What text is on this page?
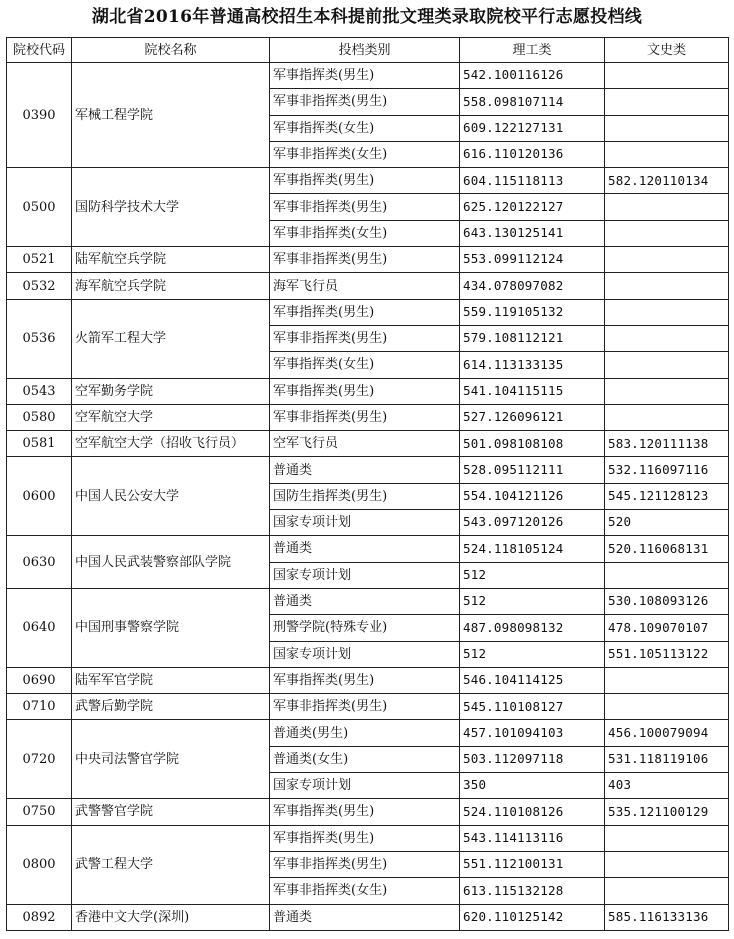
湖北省2016年普通高校招生本科提前批文理类录取院校平行志愿投档线
院校代码	院校名称	投档类别	理工类	文史类
0390	军械工程学院	军事指挥类(男生)	542.100116126	
		军事非指挥类(男生)	558.098107114	
		军事指挥类(女生)	609.122127131	
		军事非指挥类(女生)	616.110120136	
0500	国防科学技术大学	军事指挥类(男生)	604.115118113	582.120110134
		军事非指挥类(男生)	625.120122127	
		军事非指挥类(女生)	643.130125141	
0521	陆军航空兵学院	军事非指挥类(男生)	553.099112124	
0532	海军航空兵学院	海军飞行员	434.078097082	
0536	火箭军工程大学	军事指挥类(男生)	559.119105132	
		军事非指挥类(男生)	579.108112121	
		军事指挥类(女生)	614.113133135	
0543	空军勤务学院	军事指挥类(男生)	541.104115115	
0580	空军航空大学	军事非指挥类(男生)	527.126096121	
0581	空军航空大学（招收飞行员）	空军飞行员	501.098108108	583.120111138
0600	中国人民公安大学	普通类	528.095112111	532.116097116
		国防生指挥类(男生)	554.104121126	545.121128123
		国家专项计划	543.097120126	520
0630	中国人民武装警察部队学院	普通类	524.118105124	520.116068131
		国家专项计划	512	
0640	中国刑事警察学院	普通类	512	530.108093126
		刑警学院(特殊专业)	487.098098132	478.109070107
		国家专项计划	512	551.105113122
0690	陆军军官学院	军事指挥类(男生)	546.104114125	
0710	武警后勤学院	军事非指挥类(男生)	545.110108127	
0720	中央司法警官学院	普通类(男生)	457.101094103	456.100079094
		普通类(女生)	503.112097118	531.118119106
		国家专项计划	350	403
0750	武警警官学院	军事指挥类(男生)	524.110108126	535.121100129
0800	武警工程大学	军事指挥类(男生)	543.114113116	
		军事非指挥类(男生)	551.112100131	
		军事非指挥类(女生)	613.115132128	
0892	香港中文大学(深圳)	普通类	620.110125142	585.116133136
